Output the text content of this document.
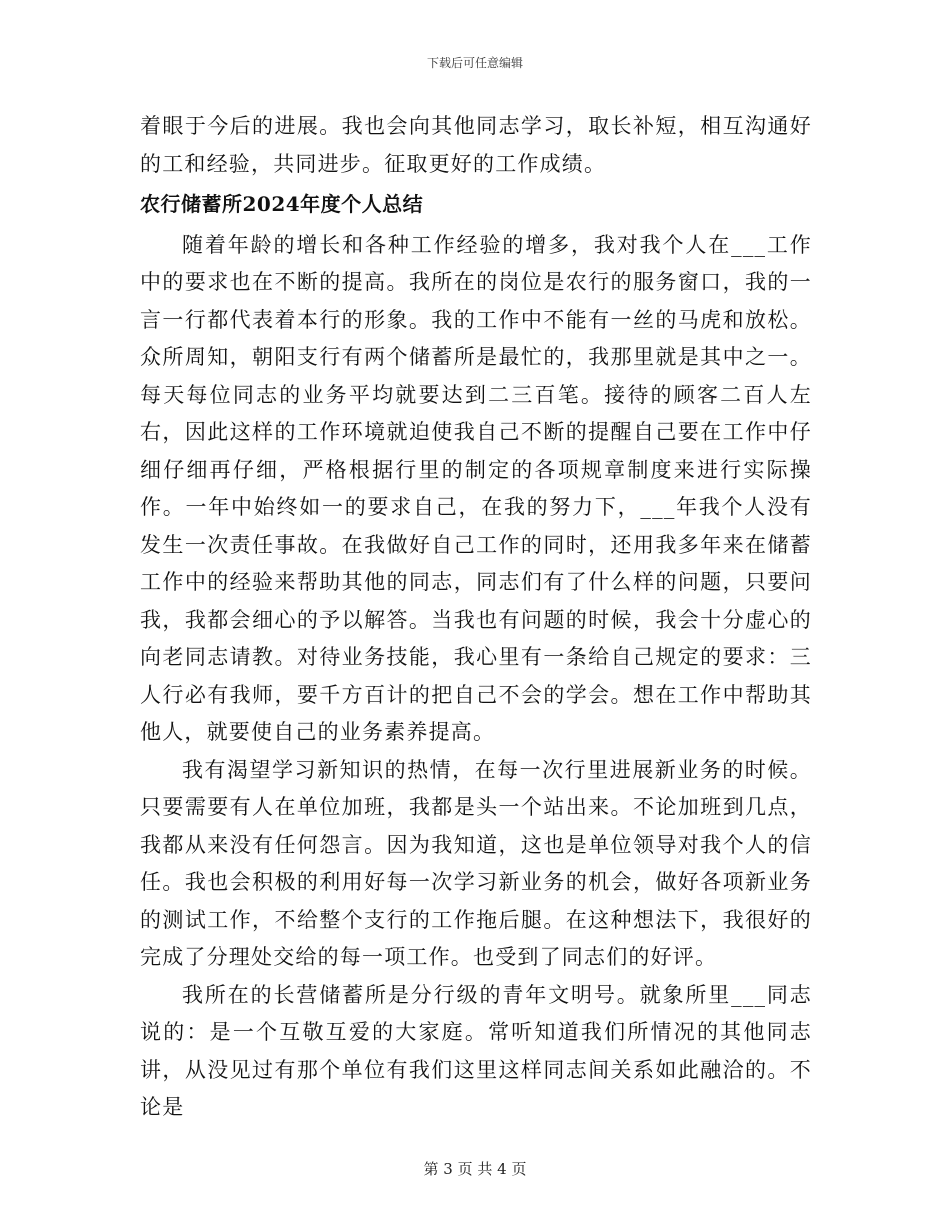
下载后可任意编辑

着眼于今后的进展。我也会向其他同志学习，取长补短，相互沟通好的工和经验，共同进步。征取更好的工作成绩。

农行储蓄所2024年度个人总结

随着年龄的增长和各种工作经验的增多，我对我个人在___工作中的要求也在不断的提高。我所在的岗位是农行的服务窗口，我的一言一行都代表着本行的形象。我的工作中不能有一丝的马虎和放松。众所周知，朝阳支行有两个储蓄所是最忙的，我那里就是其中之一。每天每位同志的业务平均就要达到二三百笔。接待的顾客二百人左右，因此这样的工作环境就迫使我自己不断的提醒自己要在工作中仔细仔细再仔细，严格根据行里的制定的各项规章制度来进行实际操作。一年中始终如一的要求自己，在我的努力下，___年我个人没有发生一次责任事故。在我做好自己工作的同时，还用我多年来在储蓄工作中的经验来帮助其他的同志，同志们有了什么样的问题，只要问我，我都会细心的予以解答。当我也有问题的时候，我会十分虚心的向老同志请教。对待业务技能，我心里有一条给自己规定的要求：三人行必有我师，要千方百计的把自己不会的学会。想在工作中帮助其他人，就要使自己的业务素养提高。

我有渴望学习新知识的热情，在每一次行里进展新业务的时候。只要需要有人在单位加班，我都是头一个站出来。不论加班到几点，我都从来没有任何怨言。因为我知道，这也是单位领导对我个人的信任。我也会积极的利用好每一次学习新业务的机会，做好各项新业务的测试工作，不给整个支行的工作拖后腿。在这种想法下，我很好的完成了分理处交给的每一项工作。也受到了同志们的好评。

我所在的长营储蓄所是分行级的青年文明号。就象所里___同志说的：是一个互敬互爱的大家庭。常听知道我们所情况的其他同志讲，从没见过有那个单位有我们这里这样同志间关系如此融洽的。不论是

第 3 页 共 4 页
